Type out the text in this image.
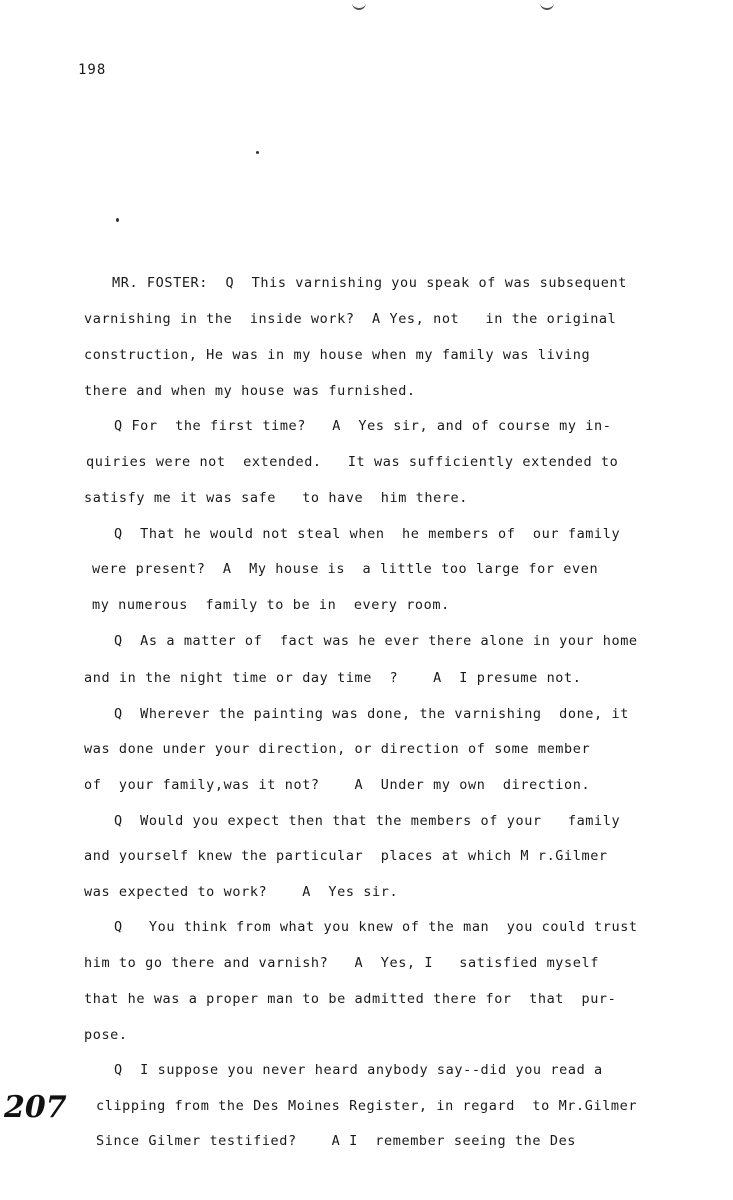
198
207
MR. FOSTER:  Q  This varnishing you speak of was subsequent
varnishing in the  inside work?  A Yes, not   in the original
construction, He was in my house when my family was living
there and when my house was furnished.
Q For  the first time?   A  Yes sir, and of course my in-
quiries were not  extended.   It was sufficiently extended to
satisfy me it was safe   to have  him there.
Q  That he would not steal when  he members of  our family
were present?  A  My house is  a little too large for even
my numerous  family to be in  every room.
Q  As a matter of  fact was he ever there alone in your home
and in the night time or day time  ?    A  I presume not.
Q  Wherever the painting was done, the varnishing  done, it
was done under your direction, or direction of some member
of  your family,was it not?    A  Under my own  direction.
Q  Would you expect then that the members of your   family
and yourself knew the particular  places at which M r.Gilmer
was expected to work?    A  Yes sir.
Q   You think from what you knew of the man  you could trust
him to go there and varnish?   A  Yes, I   satisfied myself
that he was a proper man to be admitted there for  that  pur-
pose.
Q  I suppose you never heard anybody say--did you read a
clipping from the Des Moines Register, in regard  to Mr.Gilmer
Since Gilmer testified?    A I  remember seeing the Des
